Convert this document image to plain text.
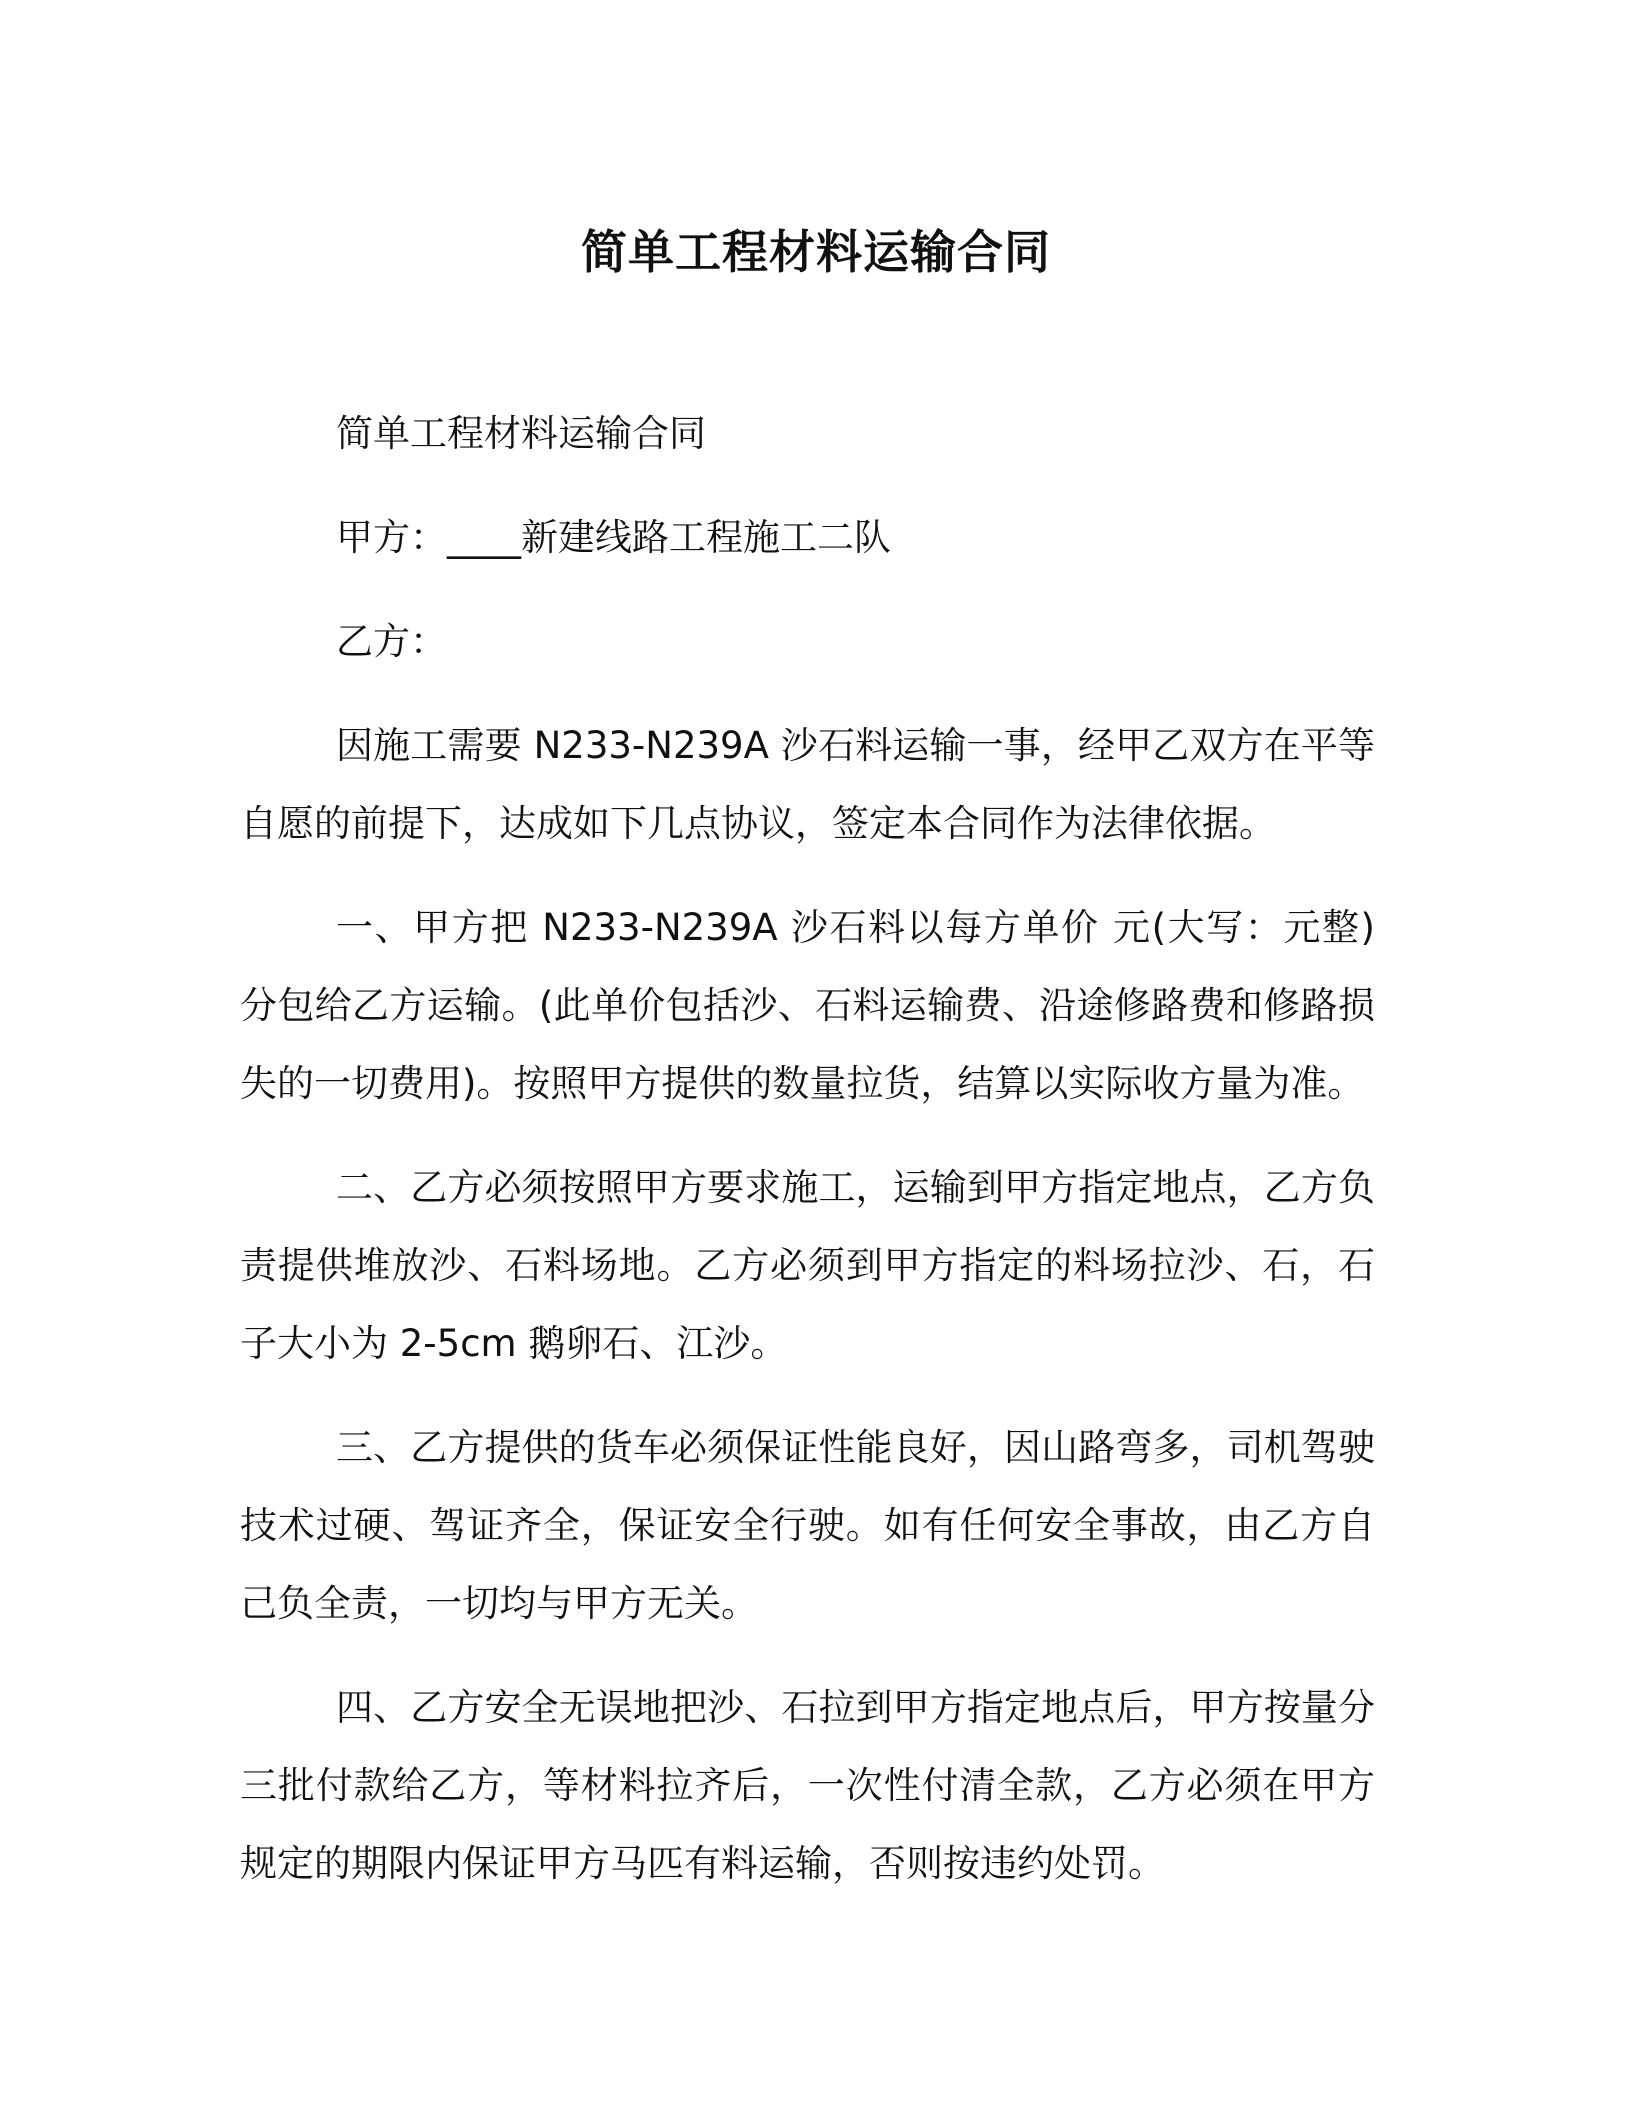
简单工程材料运输合同

简单工程材料运输合同

甲方：____新建线路工程施工二队

乙方：

因施工需要 N233-N239A 沙石料运输一事，经甲乙双方在平等自愿的前提下，达成如下几点协议，签定本合同作为法律依据。

一、甲方把 N233-N239A 沙石料以每方单价 元(大写：元整)分包给乙方运输。(此单价包括沙、石料运输费、沿途修路费和修路损失的一切费用)。按照甲方提供的数量拉货，结算以实际收方量为准。

二、乙方必须按照甲方要求施工，运输到甲方指定地点，乙方负责提供堆放沙、石料场地。乙方必须到甲方指定的料场拉沙、石，石子大小为 2-5cm 鹅卵石、江沙。

三、乙方提供的货车必须保证性能良好，因山路弯多，司机驾驶技术过硬、驾证齐全，保证安全行驶。如有任何安全事故，由乙方自己负全责，一切均与甲方无关。

四、乙方安全无误地把沙、石拉到甲方指定地点后，甲方按量分三批付款给乙方，等材料拉齐后，一次性付清全款，乙方必须在甲方规定的期限内保证甲方马匹有料运输，否则按违约处罚。
